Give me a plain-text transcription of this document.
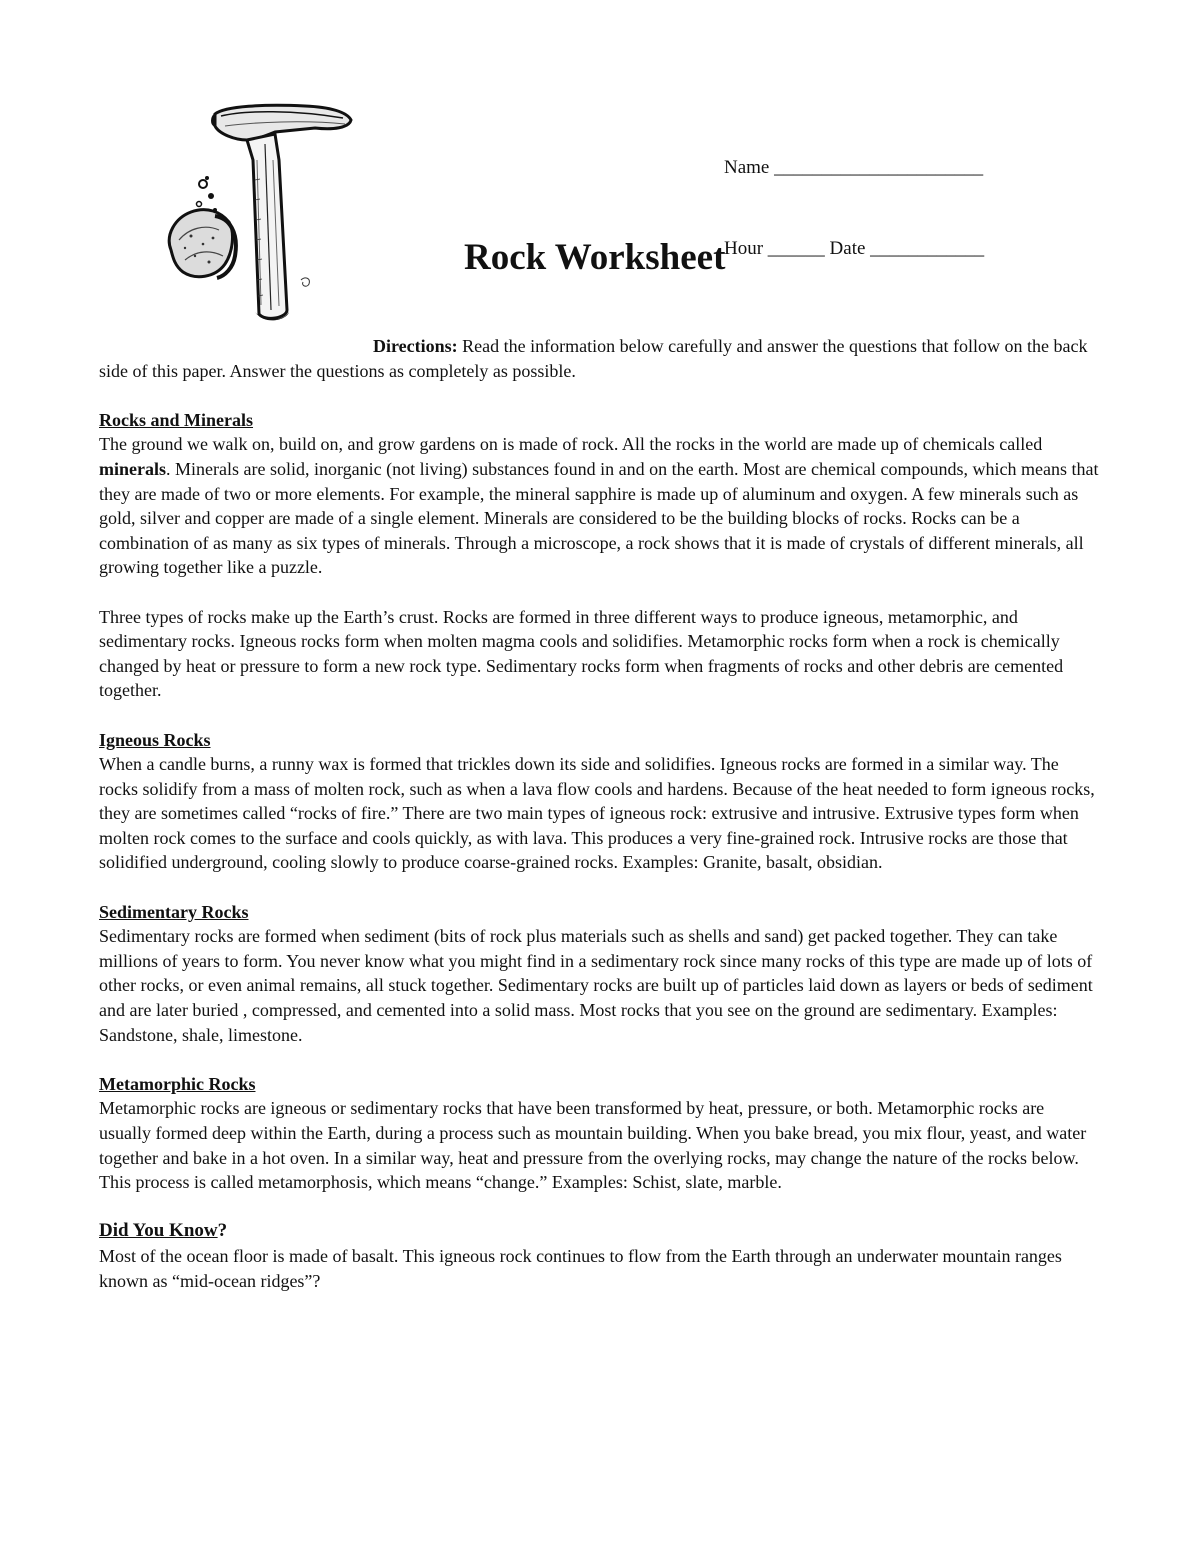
Name ______________________

Hour ______ Date ____________

Rock Worksheet

Directions: Read the information below carefully and answer the questions that follow on the back side of this paper. Answer the questions as completely as possible.

Rocks and Minerals

The ground we walk on, build on, and grow gardens on is made of rock. All the rocks in the world are made up of chemicals called minerals. Minerals are solid, inorganic (not living) substances found in and on the earth. Most are chemical compounds, which means that they are made of two or more elements. For example, the mineral sapphire is made up of aluminum and oxygen. A few minerals such as gold, silver and copper are made of a single element. Minerals are considered to be the building blocks of rocks. Rocks can be a combination of as many as six types of minerals. Through a microscope, a rock shows that it is made of crystals of different minerals, all growing together like a puzzle.

Three types of rocks make up the Earth’s crust. Rocks are formed in three different ways to produce igneous, metamorphic, and sedimentary rocks. Igneous rocks form when molten magma cools and solidifies. Metamorphic rocks form when a rock is chemically changed by heat or pressure to form a new rock type. Sedimentary rocks form when fragments of rocks and other debris are cemented together.

Igneous Rocks

When a candle burns, a runny wax is formed that trickles down its side and solidifies. Igneous rocks are formed in a similar way. The rocks solidify from a mass of molten rock, such as when a lava flow cools and hardens. Because of the heat needed to form igneous rocks, they are sometimes called “rocks of fire.” There are two main types of igneous rock: extrusive and intrusive. Extrusive types form when molten rock comes to the surface and cools quickly, as with lava. This produces a very fine-grained rock. Intrusive rocks are those that solidified underground, cooling slowly to produce coarse-grained rocks. Examples: Granite, basalt, obsidian.

Sedimentary Rocks

Sedimentary rocks are formed when sediment (bits of rock plus materials such as shells and sand) get packed together. They can take millions of years to form. You never know what you might find in a sedimentary rock since many rocks of this type are made up of lots of other rocks, or even animal remains, all stuck together. Sedimentary rocks are built up of particles laid down as layers or beds of sediment and are later buried , compressed, and cemented into a solid mass. Most rocks that you see on the ground are sedimentary. Examples: Sandstone, shale, limestone.

Metamorphic Rocks

Metamorphic rocks are igneous or sedimentary rocks that have been transformed by heat, pressure, or both. Metamorphic rocks are usually formed deep within the Earth, during a process such as mountain building. When you bake bread, you mix flour, yeast, and water together and bake in a hot oven. In a similar way, heat and pressure from the overlying rocks, may change the nature of the rocks below. This process is called metamorphosis, which means “change.” Examples: Schist, slate, marble.

Did You Know?

Most of the ocean floor is made of basalt. This igneous rock continues to flow from the Earth through an underwater mountain ranges known as “mid-ocean ridges”?
